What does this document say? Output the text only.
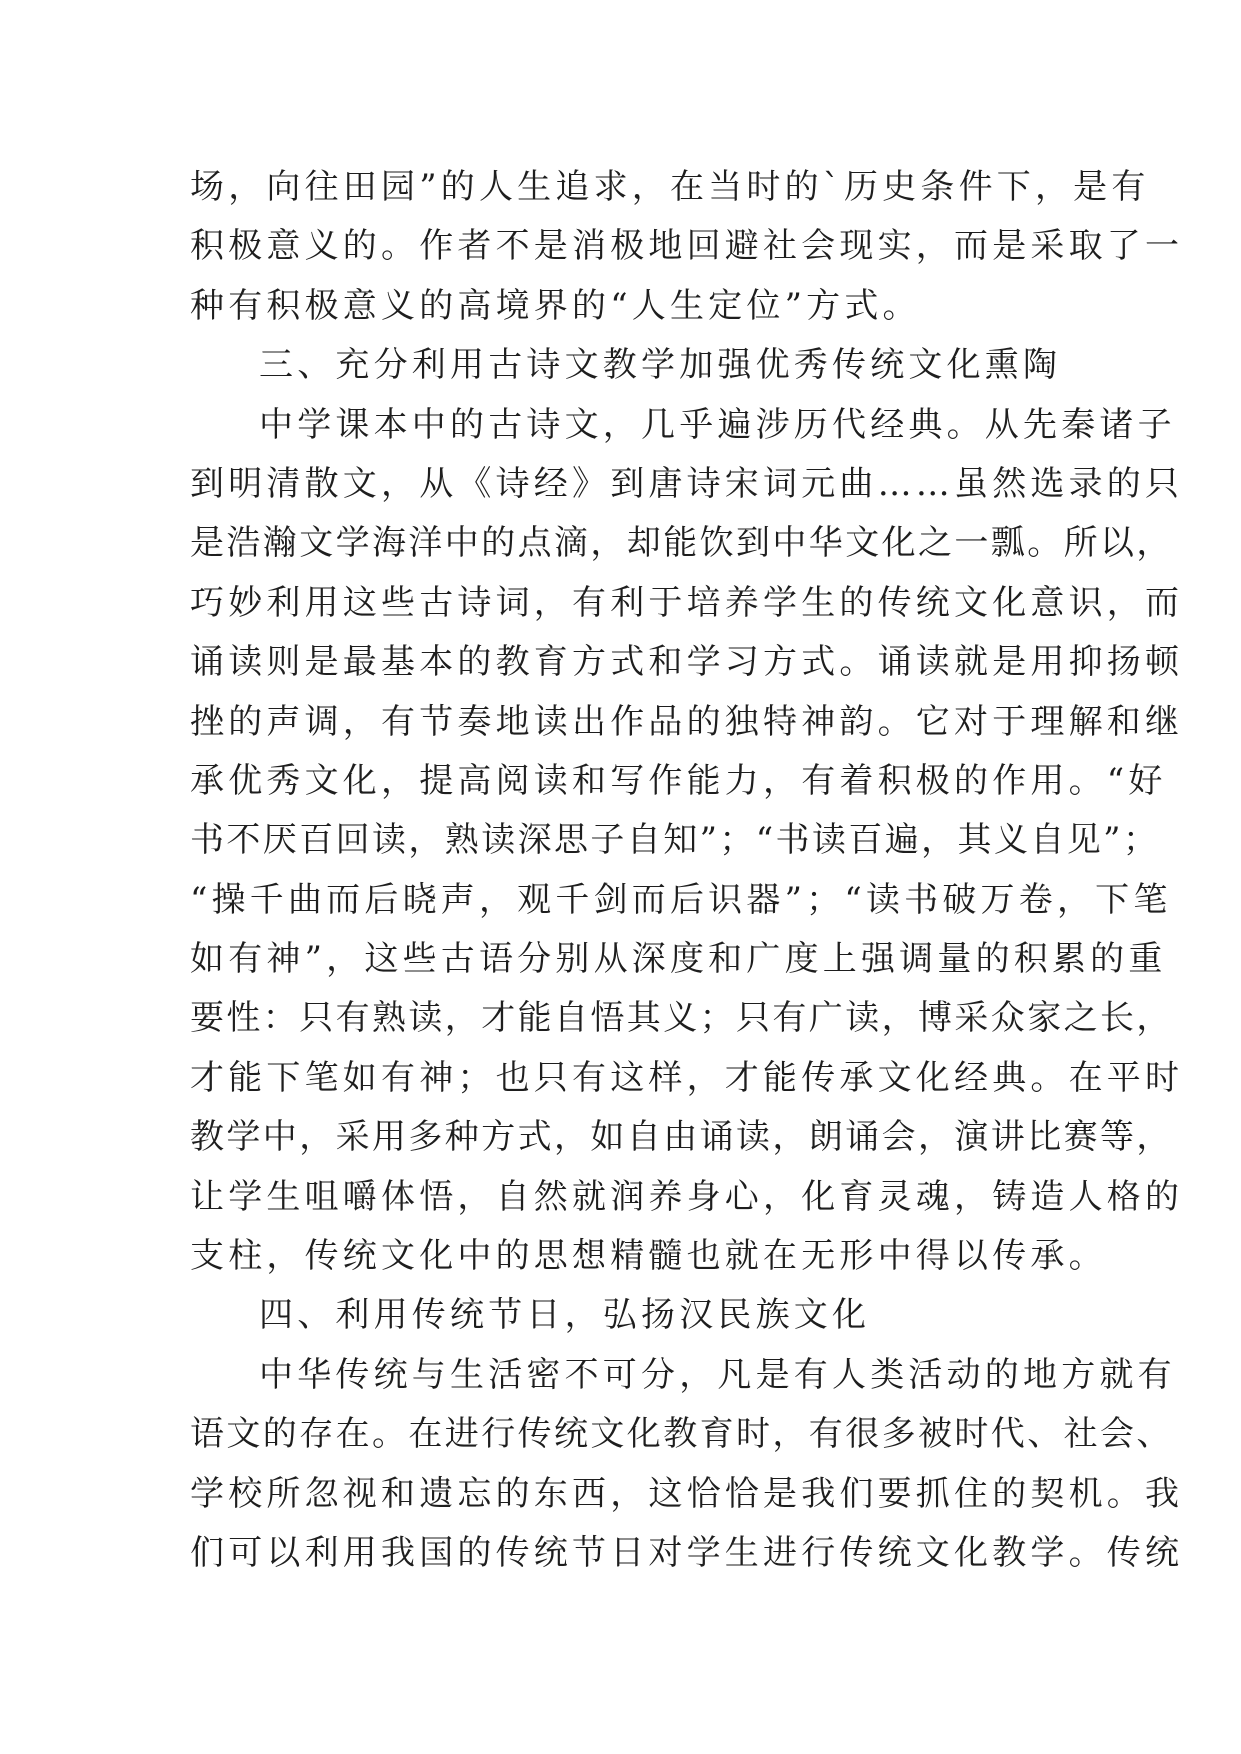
场，向往田园”的人生追求，在当时的`历史条件下，是有
积极意义的。作者不是消极地回避社会现实，而是采取了一
种有积极意义的高境界的“人生定位”方式。
三、充分利用古诗文教学加强优秀传统文化熏陶
中学课本中的古诗文，几乎遍涉历代经典。从先秦诸子
到明清散文，从《诗经》到唐诗宋词元曲……虽然选录的只
是浩瀚文学海洋中的点滴，却能饮到中华文化之一瓢。所以，
巧妙利用这些古诗词，有利于培养学生的传统文化意识，而
诵读则是最基本的教育方式和学习方式。诵读就是用抑扬顿
挫的声调，有节奏地读出作品的独特神韵。它对于理解和继
承优秀文化，提高阅读和写作能力，有着积极的作用。“好
书不厌百回读，熟读深思子自知”；“书读百遍，其义自见”；
“操千曲而后晓声，观千剑而后识器”；“读书破万卷，下笔
如有神”，这些古语分别从深度和广度上强调量的积累的重
要性：只有熟读，才能自悟其义；只有广读，博采众家之长，
才能下笔如有神；也只有这样，才能传承文化经典。在平时
教学中，采用多种方式，如自由诵读，朗诵会，演讲比赛等，
让学生咀嚼体悟，自然就润养身心，化育灵魂，铸造人格的
支柱，传统文化中的思想精髓也就在无形中得以传承。
四、利用传统节日，弘扬汉民族文化
中华传统与生活密不可分，凡是有人类活动的地方就有
语文的存在。在进行传统文化教育时，有很多被时代、社会、
学校所忽视和遗忘的东西，这恰恰是我们要抓住的契机。我
们可以利用我国的传统节日对学生进行传统文化教学。传统
